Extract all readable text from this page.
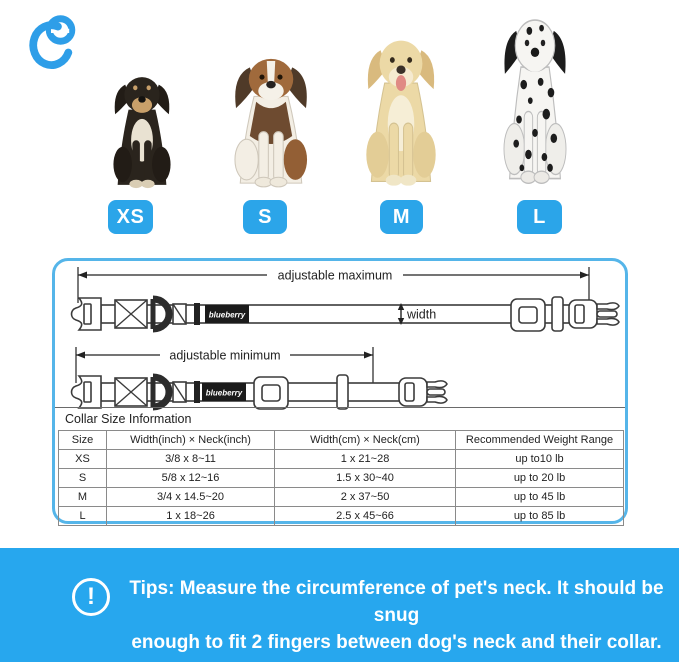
XS	S	M	L
adjustable maximum
blueberry	width
adjustable minimum
blueberry
Collar Size Information
Size	Width(inch) × Neck(inch)	Width(cm) × Neck(cm)	Recommended Weight Range
XS	3/8 x 8~11	1 x 21~28	up to10 lb
S	5/8 x 12~16	1.5 x 30~40	up to 20 lb
M	3/4 x 14.5~20	2 x 37~50	up to 45 lb
L	1 x 18~26	2.5 x 45~66	up to 85 lb
!	Tips: Measure the circumference of pet's neck. It should be snug
enough to fit 2 fingers between dog's neck and their collar.
